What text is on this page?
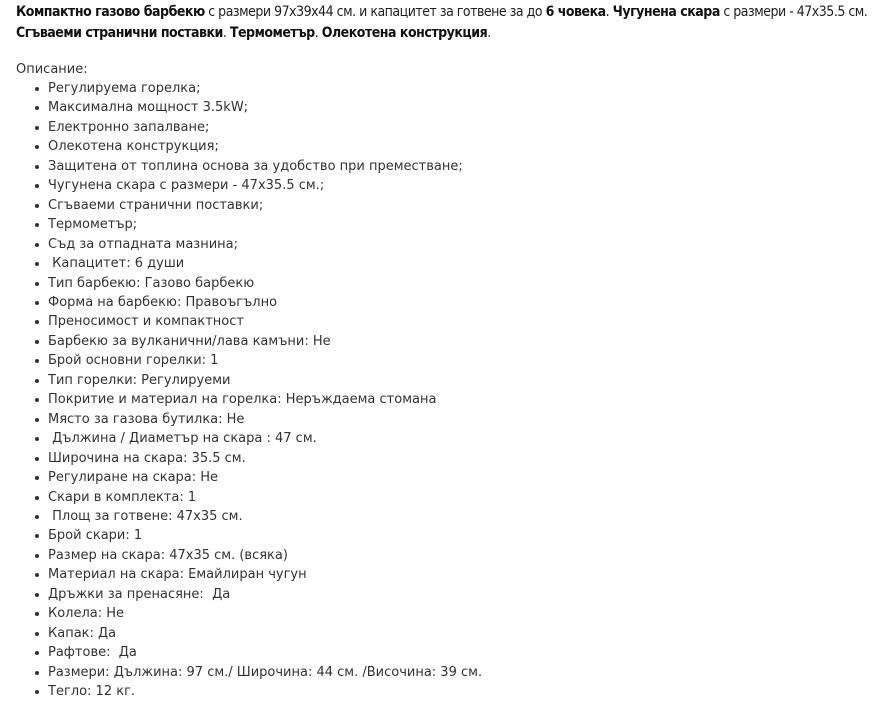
Компактно газово барбекю с размери 97x39x44 см. и капацитет за готвене за до 6 човека. Чугунена скара с размери - 47x35.5 см. Сгъваеми странични поставки. Термометър. Олекотена конструкция.

Описание:
Регулируема горелка;
Максимална мощност 3.5kW;
Електронно запалване;
Олекотена конструкция;
Защитена от топлина основа за удобство при преместване;
Чугунена скара с размери - 47x35.5 см.;
Сгъваеми странични поставки;
Термометър;
Съд за отпадната мазнина;
Капацитет: 6 души
Тип барбекю: Газово барбекю
Форма на барбекю: Правоъгълно
Преносимост и компактност
Барбекю за вулканични/лава камъни: Не
Брой основни горелки: 1
Тип горелки: Регулируеми
Покритие и материал на горелка: Неръждаема стомана
Място за газова бутилка: Не
Дължина / Диаметър на скара : 47 см.
Широчина на скара: 35.5 см.
Регулиране на скара: Не
Скари в комплекта: 1
Площ за готвене: 47x35 см.
Брой скари: 1
Размер на скара: 47x35 см. (всяка)
Материал на скара: Емайлиран чугун
Дръжки за пренасяне:  Да
Колела: Не
Капак: Да
Рафтове:  Да
Размери: Дължина: 97 см./ Широчина: 44 см. /Височина: 39 см.
Тегло: 12 кг.
